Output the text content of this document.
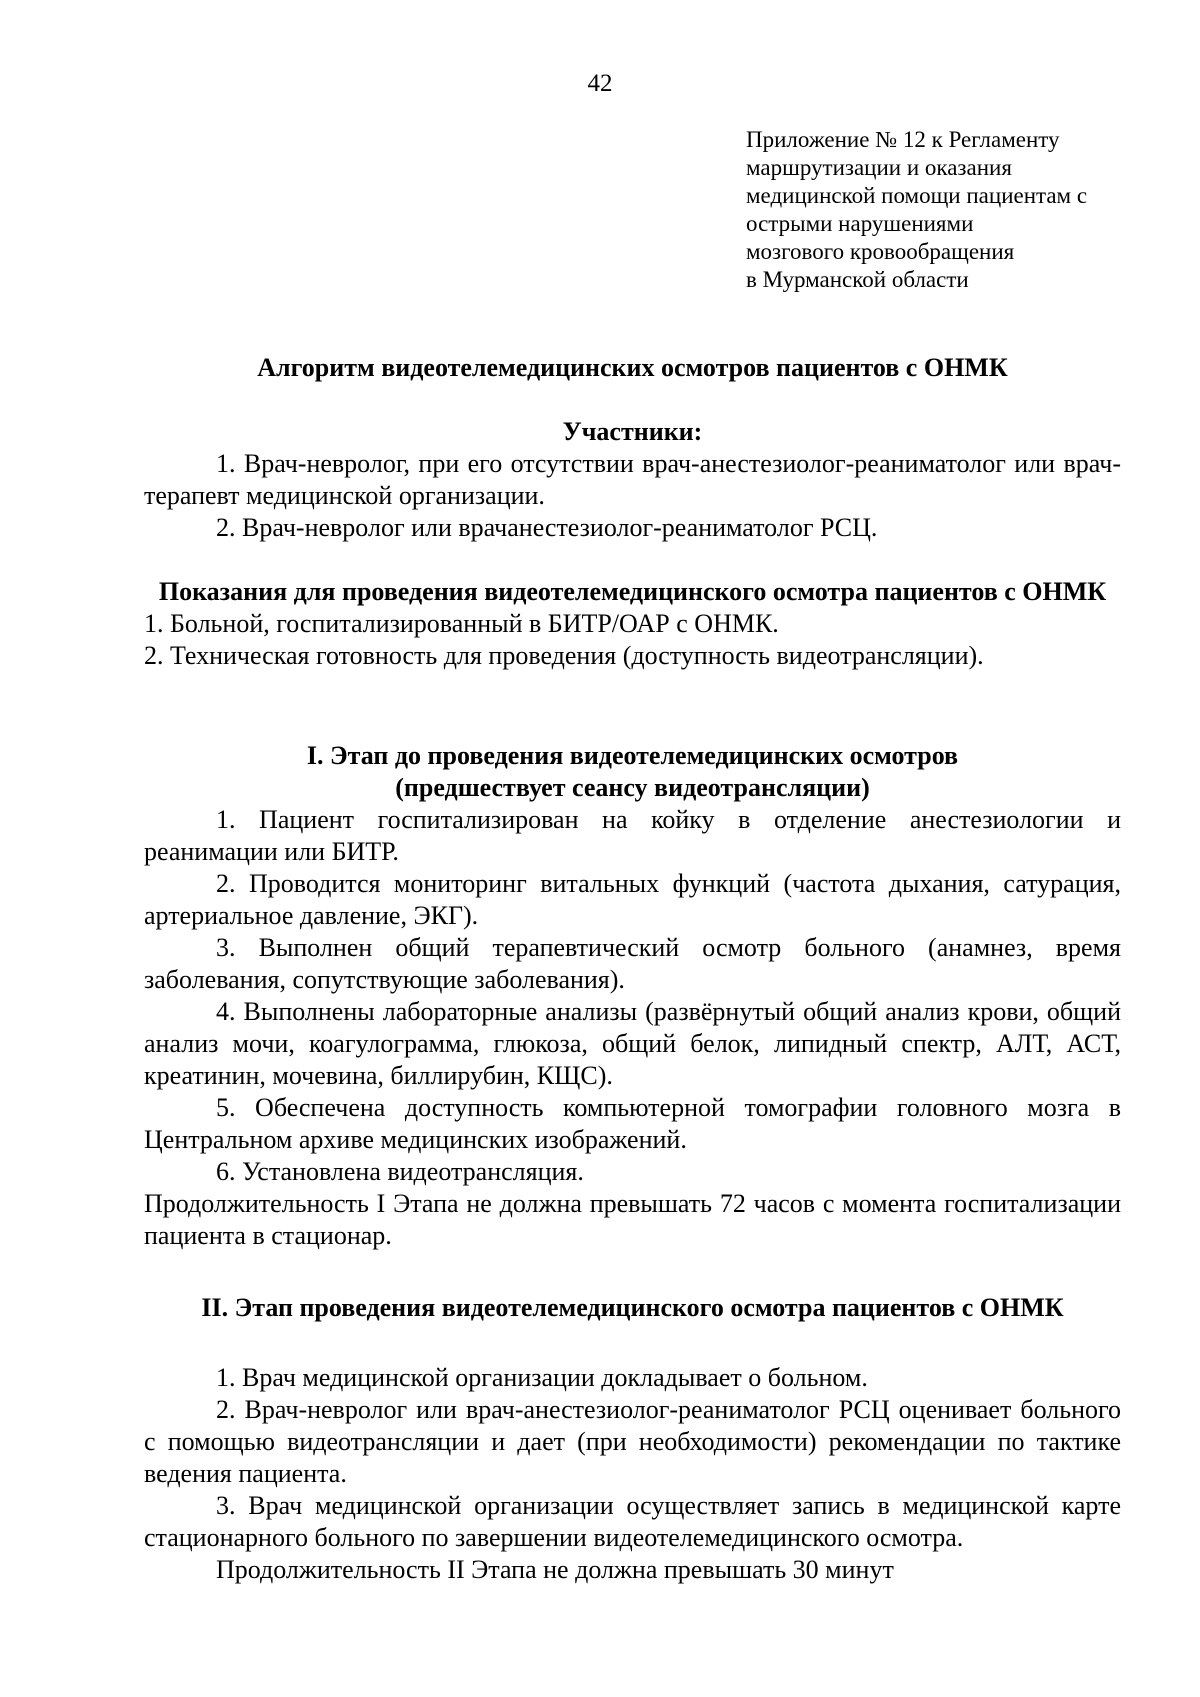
42
Приложение № 12 к Регламенту
маршрутизации и оказания
медицинской помощи пациентам с
острыми нарушениями
мозгового кровообращения
в Мурманской области
Алгоритм видеотелемедицинских осмотров пациентов с ОНМК
Участники:
1. Врач-невролог, при его отсутствии врач-анестезиолог-реаниматолог или врач-терапевт медицинской организации.
2. Врач-невролог или врачанестезиолог-реаниматолог РСЦ.
Показания для проведения видеотелемедицинского осмотра пациентов с ОНМК
1. Больной, госпитализированный в БИТР/ОАР с ОНМК.
2. Техническая готовность для проведения (доступность видеотрансляции).
I. Этап до проведения видеотелемедицинских осмотров
(предшествует сеансу видеотрансляции)
1. Пациент госпитализирован на койку в отделение анестезиологии и реанимации или БИТР.
2. Проводится мониторинг витальных функций (частота дыхания, сатурация, артериальное давление, ЭКГ).
3. Выполнен общий терапевтический осмотр больного (анамнез, время заболевания, сопутствующие заболевания).
4. Выполнены лабораторные анализы (развёрнутый общий анализ крови, общий анализ мочи, коагулограмма, глюкоза, общий белок, липидный спектр, АЛТ, АСТ, креатинин, мочевина, биллирубин, КЩС).
5. Обеспечена доступность компьютерной томографии головного мозга в Центральном архиве медицинских изображений.
6. Установлена видеотрансляция.
Продолжительность I Этапа не должна превышать 72 часов с момента госпитализации пациента в стационар.
II. Этап проведения видеотелемедицинского осмотра пациентов с ОНМК
1. Врач медицинской организации докладывает о больном.
2. Врач-невролог или врач-анестезиолог-реаниматолог РСЦ оценивает больного с помощью видеотрансляции и дает (при необходимости) рекомендации по тактике ведения пациента.
3. Врач медицинской организации осуществляет запись в медицинской карте стационарного больного по завершении видеотелемедицинского осмотра.
Продолжительность II Этапа не должна превышать 30 минут
